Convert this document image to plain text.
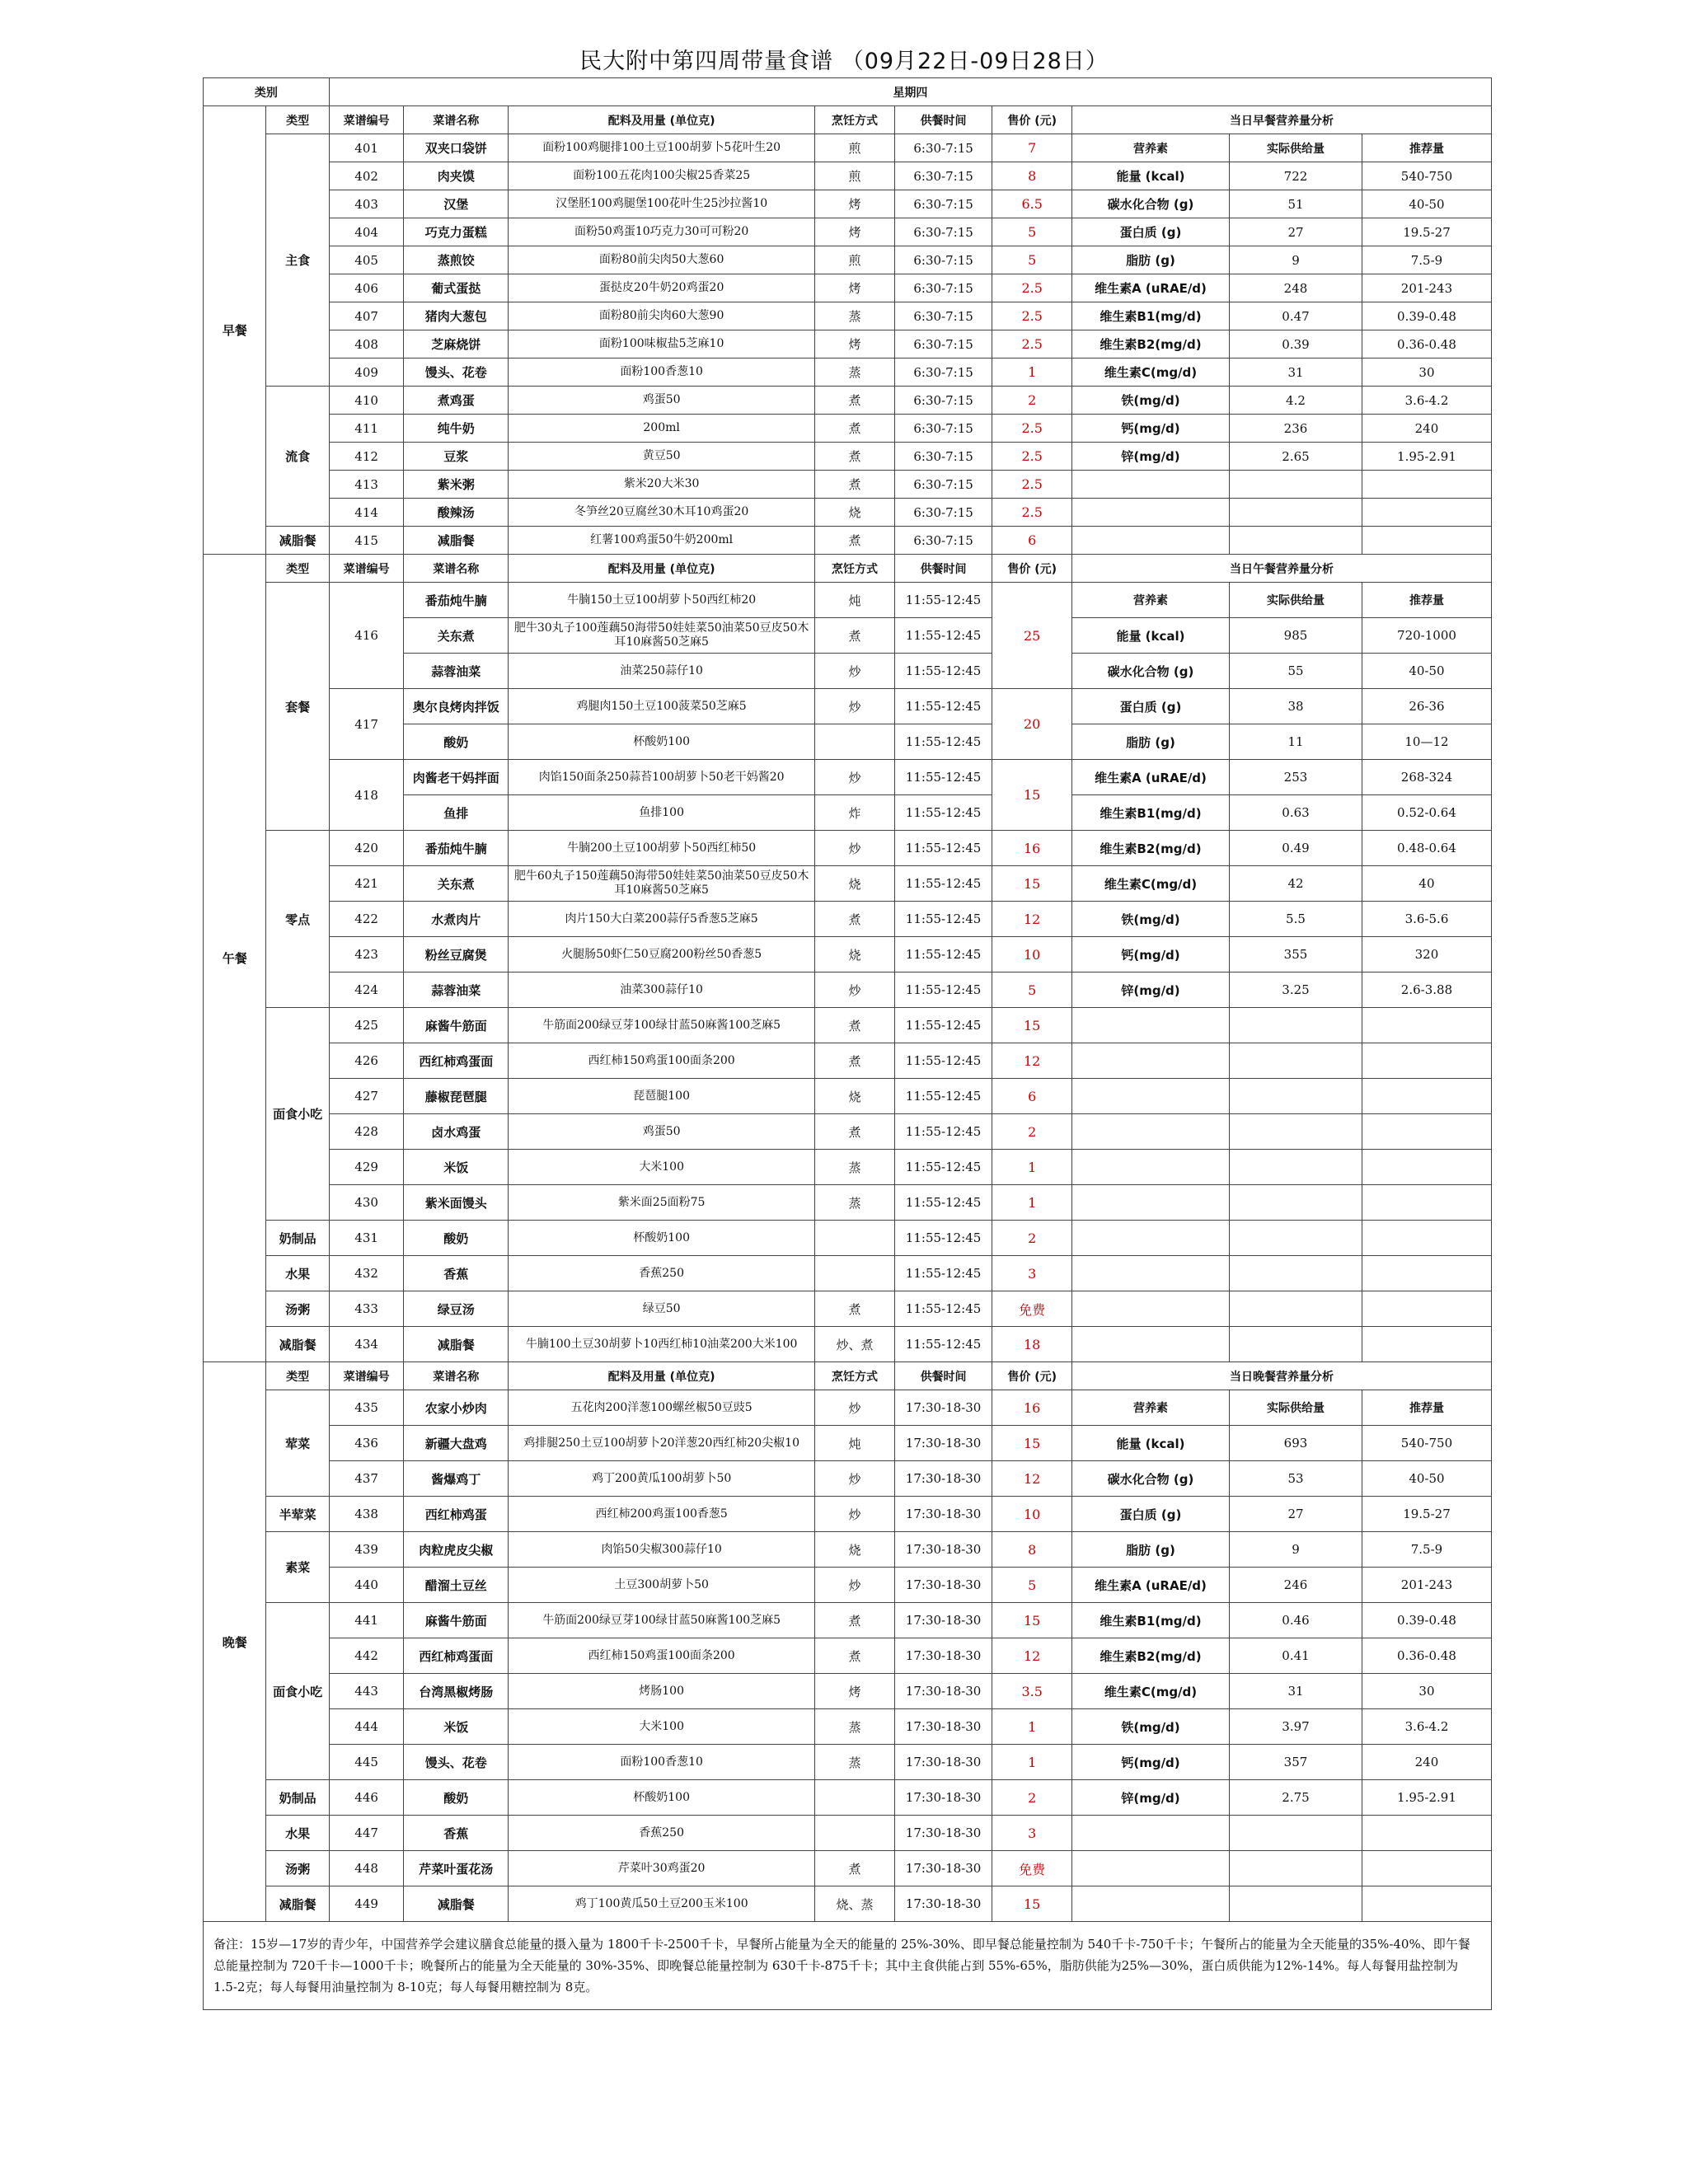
民大附中第四周带量食谱 （09月22日-09日28日）
类别		星期四								
早餐	类型	菜谱编号	菜谱名称	配料及用量 (单位克)	烹饪方式	供餐时间	售价 (元)	当日早餐营养量分析		
	主食	401	双夹口袋饼	面粉100鸡腿排100土豆100胡萝卜5花叶生20	煎	6:30-7:15	7	营养素	实际供给量	推荐量
		402	肉夹馍	面粉100五花肉100尖椒25香菜25	煎	6:30-7:15	8	能量 (kcal)	722	540-750
		403	汉堡	汉堡胚100鸡腿堡100花叶生25沙拉酱10	烤	6:30-7:15	6.5	碳水化合物 (g)	51	40-50
		404	巧克力蛋糕	面粉50鸡蛋10巧克力30可可粉20	烤	6:30-7:15	5	蛋白质 (g)	27	19.5-27
		405	蒸煎饺	面粉80前尖肉50大葱60	煎	6:30-7:15	5	脂肪 (g)	9	7.5-9
		406	葡式蛋挞	蛋挞皮20牛奶20鸡蛋20	烤	6:30-7:15	2.5	维生素A (uRAE/d)	248	201-243
		407	猪肉大葱包	面粉80前尖肉60大葱90	蒸	6:30-7:15	2.5	维生素B1(mg/d)	0.47	0.39-0.48
		408	芝麻烧饼	面粉100味椒盐5芝麻10	烤	6:30-7:15	2.5	维生素B2(mg/d)	0.39	0.36-0.48
		409	馒头、花卷	面粉100香葱10	蒸	6:30-7:15	1	维生素C(mg/d)	31	30
	流食	410	煮鸡蛋	鸡蛋50	煮	6:30-7:15	2	铁(mg/d)	4.2	3.6-4.2
		411	纯牛奶	200ml	煮	6:30-7:15	2.5	钙(mg/d)	236	240
		412	豆浆	黄豆50	煮	6:30-7:15	2.5	锌(mg/d)	2.65	1.95-2.91
		413	紫米粥	紫米20大米30	煮	6:30-7:15	2.5			
		414	酸辣汤	冬笋丝20豆腐丝30木耳10鸡蛋20	烧	6:30-7:15	2.5			
	减脂餐	415	减脂餐	红薯100鸡蛋50牛奶200ml	煮	6:30-7:15	6			
午餐	类型	菜谱编号	菜谱名称	配料及用量 (单位克)	烹饪方式	供餐时间	售价 (元)	当日午餐营养量分析		
	套餐	416	番茄炖牛腩	牛腩150土豆100胡萝卜50西红柿20	炖	11:55-12:45	25	营养素	实际供给量	推荐量
			关东煮	肥牛30丸子100莲藕50海带50娃娃菜50油菜50豆皮50木耳10麻酱50芝麻5	煮	11:55-12:45		能量 (kcal)	985	720-1000
			蒜蓉油菜	油菜250蒜仔10	炒	11:55-12:45		碳水化合物 (g)	55	40-50
		417	奥尔良烤肉拌饭	鸡腿肉150土豆100菠菜50芝麻5	炒	11:55-12:45	20	蛋白质 (g)	38	26-36
			酸奶	杯酸奶100		11:55-12:45		脂肪 (g)	11	10—12
		418	肉酱老干妈拌面	肉馅150面条250蒜苔100胡萝卜50老干妈酱20	炒	11:55-12:45	15	维生素A (uRAE/d)	253	268-324
			鱼排	鱼排100	炸	11:55-12:45		维生素B1(mg/d)	0.63	0.52-0.64
	零点	420	番茄炖牛腩	牛腩200土豆100胡萝卜50西红柿50	炒	11:55-12:45	16	维生素B2(mg/d)	0.49	0.48-0.64
		421	关东煮	肥牛60丸子150莲藕50海带50娃娃菜50油菜50豆皮50木耳10麻酱50芝麻5	烧	11:55-12:45	15	维生素C(mg/d)	42	40
		422	水煮肉片	肉片150大白菜200蒜仔5香葱5芝麻5	煮	11:55-12:45	12	铁(mg/d)	5.5	3.6-5.6
		423	粉丝豆腐煲	火腿肠50虾仁50豆腐200粉丝50香葱5	烧	11:55-12:45	10	钙(mg/d)	355	320
		424	蒜蓉油菜	油菜300蒜仔10	炒	11:55-12:45	5	锌(mg/d)	3.25	2.6-3.88
	面食小吃	425	麻酱牛筋面	牛筋面200绿豆芽100绿甘蓝50麻酱100芝麻5	煮	11:55-12:45	15			
		426	西红柿鸡蛋面	西红柿150鸡蛋100面条200	煮	11:55-12:45	12			
		427	藤椒琵琶腿	琵琶腿100	烧	11:55-12:45	6			
		428	卤水鸡蛋	鸡蛋50	煮	11:55-12:45	2			
		429	米饭	大米100	蒸	11:55-12:45	1			
		430	紫米面馒头	紫米面25面粉75	蒸	11:55-12:45	1			
	奶制品	431	酸奶	杯酸奶100		11:55-12:45	2			
	水果	432	香蕉	香蕉250		11:55-12:45	3			
	汤粥	433	绿豆汤	绿豆50	煮	11:55-12:45	免费			
	减脂餐	434	减脂餐	牛腩100土豆30胡萝卜10西红柿10油菜200大米100	炒、煮	11:55-12:45	18			
晚餐	类型	菜谱编号	菜谱名称	配料及用量 (单位克)	烹饪方式	供餐时间	售价 (元)	当日晚餐营养量分析		
	荤菜	435	农家小炒肉	五花肉200洋葱100螺丝椒50豆豉5	炒	17:30-18-30	16	营养素	实际供给量	推荐量
		436	新疆大盘鸡	鸡排腿250土豆100胡萝卜20洋葱20西红柿20尖椒10	炖	17:30-18-30	15	能量 (kcal)	693	540-750
		437	酱爆鸡丁	鸡丁200黄瓜100胡萝卜50	炒	17:30-18-30	12	碳水化合物 (g)	53	40-50
	半荤菜	438	西红柿鸡蛋	西红柿200鸡蛋100香葱5	炒	17:30-18-30	10	蛋白质 (g)	27	19.5-27
	素菜	439	肉粒虎皮尖椒	肉馅50尖椒300蒜仔10	烧	17:30-18-30	8	脂肪 (g)	9	7.5-9
		440	醋溜土豆丝	土豆300胡萝卜50	炒	17:30-18-30	5	维生素A (uRAE/d)	246	201-243
	面食小吃	441	麻酱牛筋面	牛筋面200绿豆芽100绿甘蓝50麻酱100芝麻5	煮	17:30-18-30	15	维生素B1(mg/d)	0.46	0.39-0.48
		442	西红柿鸡蛋面	西红柿150鸡蛋100面条200	煮	17:30-18-30	12	维生素B2(mg/d)	0.41	0.36-0.48
		443	台湾黑椒烤肠	烤肠100	烤	17:30-18-30	3.5	维生素C(mg/d)	31	30
		444	米饭	大米100	蒸	17:30-18-30	1	铁(mg/d)	3.97	3.6-4.2
		445	馒头、花卷	面粉100香葱10	蒸	17:30-18-30	1	钙(mg/d)	357	240
	奶制品	446	酸奶	杯酸奶100		17:30-18-30	2	锌(mg/d)	2.75	1.95-2.91
	水果	447	香蕉	香蕉250		17:30-18-30	3			
	汤粥	448	芹菜叶蛋花汤	芹菜叶30鸡蛋20	煮	17:30-18-30	免费			
	减脂餐	449	减脂餐	鸡丁100黄瓜50土豆200玉米100	烧、蒸	17:30-18-30	15			
备注：15岁—17岁的青少年，中国营养学会建议膳食总能量的摄入量为 1800千卡-2500千卡，早餐所占能量为全天的能量的 25%-30%、即早餐总能量控制为 540千卡-750千卡；午餐所占的能量为全天能量的35%-40%、即午餐总能量控制为 720千卡—1000千卡；晚餐所占的能量为全天能量的 30%-35%、即晚餐总能量控制为 630千卡-875千卡；其中主食供能占到 55%-65%，脂肪供能为25%—30%，蛋白质供能为12%-14%。每人每餐用盐控制为 1.5-2克；每人每餐用油量控制为 8-10克；每人每餐用糖控制为 8克。										
